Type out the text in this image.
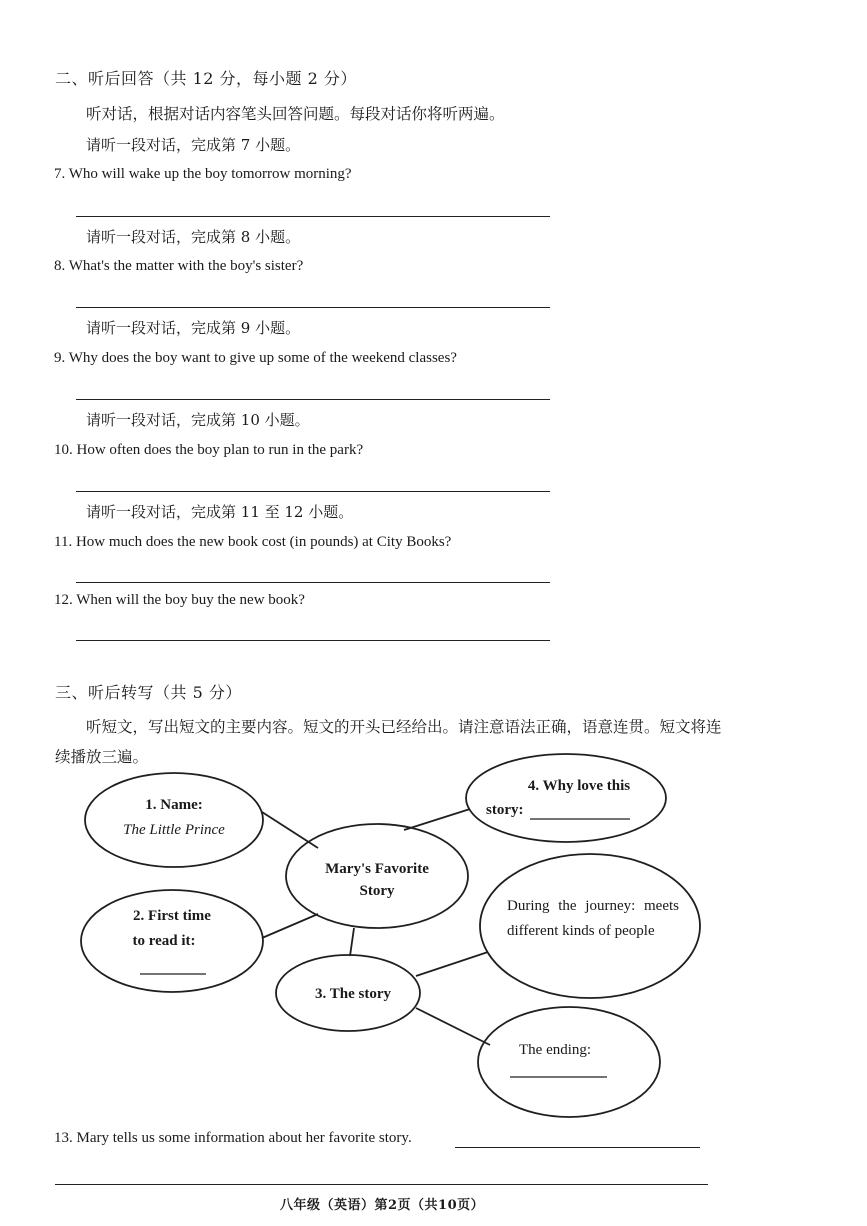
二、听后回答（共 12 分，每小题 2 分）
听对话，根据对话内容笔头回答问题。每段对话你将听两遍。
请听一段对话，完成第 7 小题。
7. Who will wake up the boy tomorrow morning?
请听一段对话，完成第 8 小题。
8. What's the matter with the boy's sister?
请听一段对话，完成第 9 小题。
9. Why does the boy want to give up some of the weekend classes?
请听一段对话，完成第 10 小题。
10. How often does the boy plan to run in the park?
请听一段对话，完成第 11 至 12 小题。
11. How much does the new book cost (in pounds) at City Books?
12. When will the boy buy the new book?
三、听后转写（共 5 分）
听短文，写出短文的主要内容。短文的开头已经给出。请注意语法正确，语意连贯。短文将连续播放三遍。
1. Name:
The Little Prince
Mary's Favorite
Story
2. First time
to read it:
3. The story
4. Why love this
story:
During the journey: meets different kinds of people
The ending:
13. Mary tells us some information about her favorite story.
八年级（英语）第2页（共10页）
